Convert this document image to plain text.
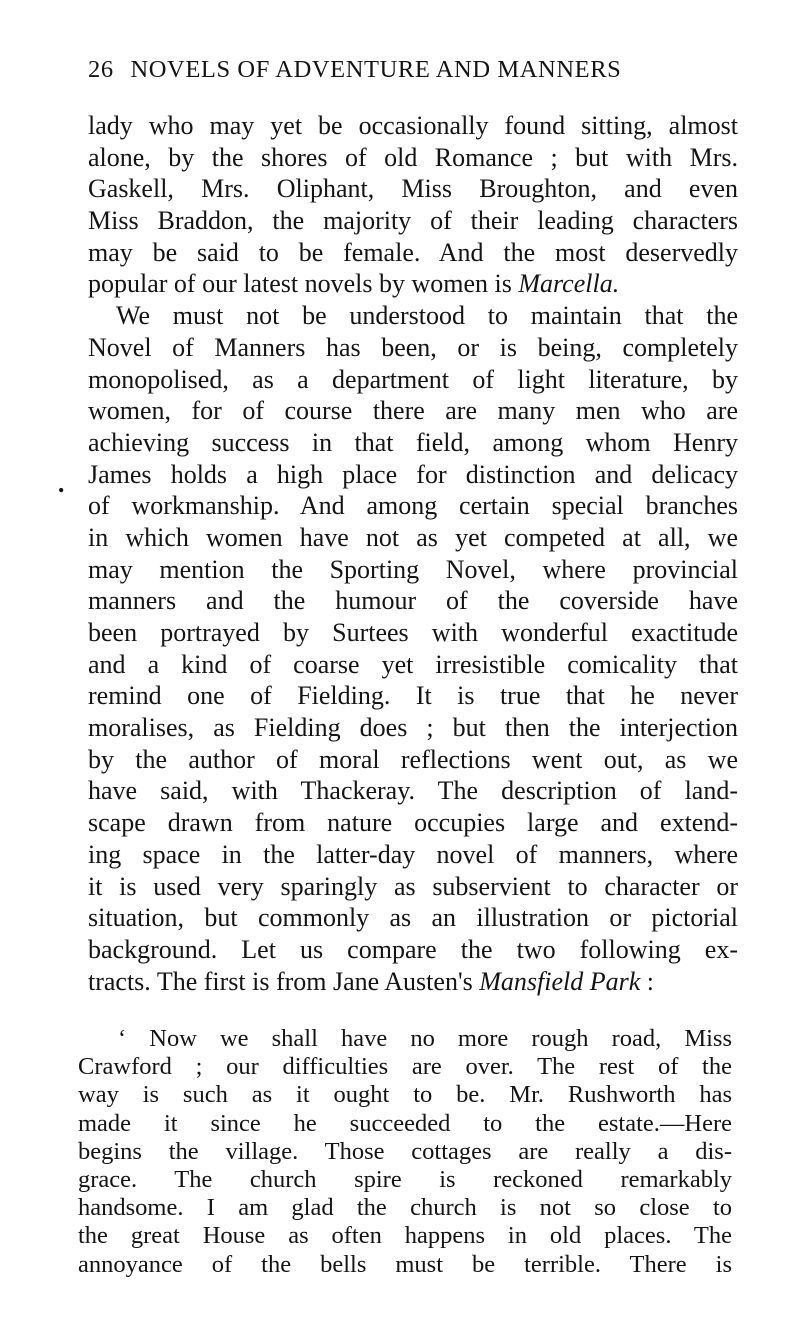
26 NOVELS OF ADVENTURE AND MANNERS
•
lady who may yet be occasionally found sitting, almost
alone, by the shores of old Romance ; but with Mrs.
Gaskell, Mrs. Oliphant, Miss Broughton, and even
Miss Braddon, the majority of their leading characters
may be said to be female. And the most deservedly
popular of our latest novels by women is Marcella.
We must not be understood to maintain that the
Novel of Manners has been, or is being, completely
monopolised, as a department of light literature, by
women, for of course there are many men who are
achieving success in that field, among whom Henry
James holds a high place for distinction and delicacy
of workmanship. And among certain special branches
in which women have not as yet competed at all, we
may mention the Sporting Novel, where provincial
manners and the humour of the coverside have
been portrayed by Surtees with wonderful exactitude
and a kind of coarse yet irresistible comicality that
remind one of Fielding. It is true that he never
moralises, as Fielding does ; but then the interjection
by the author of moral reflections went out, as we
have said, with Thackeray. The description of land-
scape drawn from nature occupies large and extend-
ing space in the latter-day novel of manners, where
it is used very sparingly as subservient to character or
situation, but commonly as an illustration or pictorial
background. Let us compare the two following ex-
tracts. The first is from Jane Austen's Mansfield Park :
‘ Now we shall have no more rough road, Miss
Crawford ; our difficulties are over. The rest of the
way is such as it ought to be. Mr. Rushworth has
made it since he succeeded to the estate.—Here
begins the village. Those cottages are really a dis-
grace. The church spire is reckoned remarkably
handsome. I am glad the church is not so close to
the great House as often happens in old places. The
annoyance of the bells must be terrible. There is
